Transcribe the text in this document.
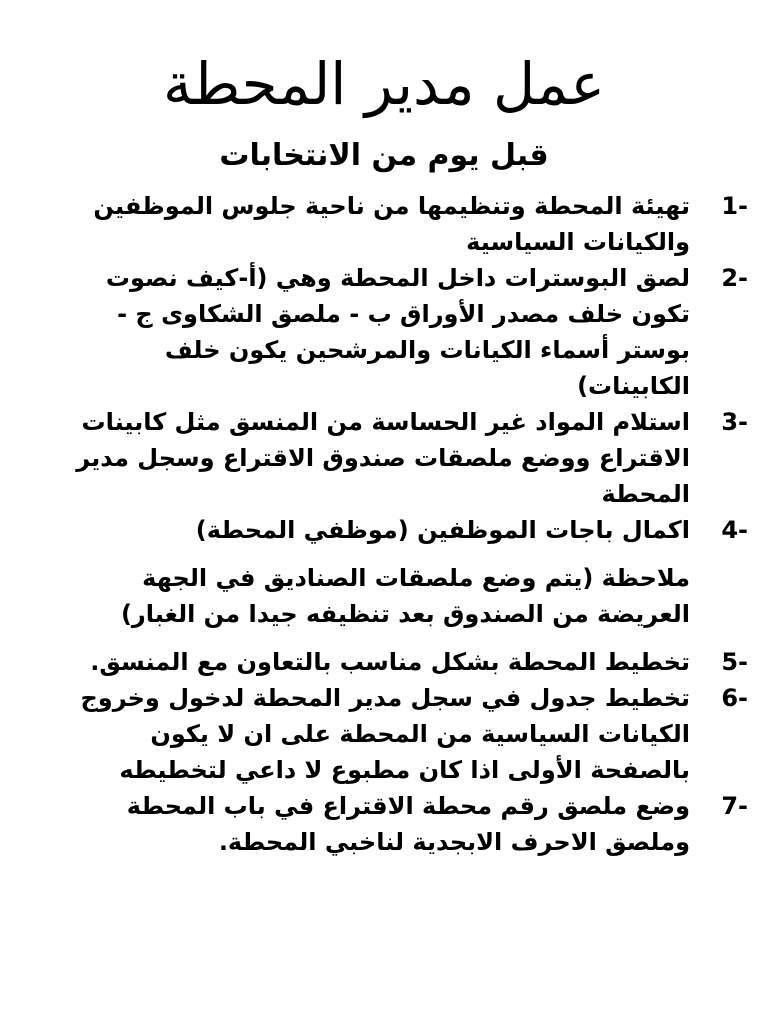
عمل مدير المحطة
قبل يوم من الانتخابات
1-
تهيئة المحطة وتنظيمها من ناحية جلوس الموظفين والكيانات السياسية
2-
لصق البوسترات داخل المحطة وهي (أ-كيف نصوت تكون خلف مصدر الأوراق ب - ملصق الشكاوى ج - بوستر أسماء الكيانات والمرشحين يكون خلف الكابينات)
3-
استلام المواد غير الحساسة من المنسق مثل كابينات الاقتراع ووضع ملصقات صندوق الاقتراع وسجل مدير المحطة
4-
اكمال باجات الموظفين (موظفي المحطة)
ملاحظة (يتم وضع ملصقات الصناديق في الجهة العريضة من الصندوق بعد تنظيفه جيدا من الغبار)
5-
تخطيط المحطة بشكل مناسب بالتعاون مع المنسق.
6-
تخطيط جدول في سجل مدير المحطة لدخول وخروج الكيانات السياسية من المحطة على ان لا يكون بالصفحة الأولى اذا كان مطبوع لا داعي لتخطيطه
7-
وضع ملصق رقم محطة الاقتراع في باب المحطة وملصق الاحرف الابجدية لناخبي المحطة.
